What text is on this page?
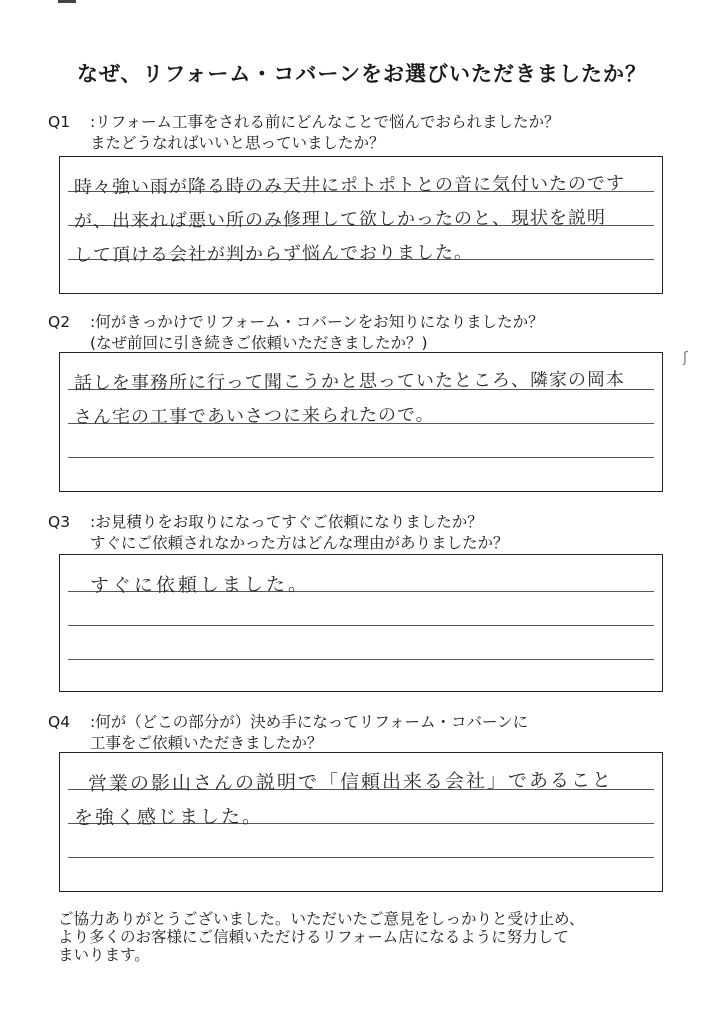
なぜ、リフォーム・コバーンをお選びいただきましたか？
Q1 :リフォーム工事をされる前にどんなことで悩んでおられましたか？
またどうなればいいと思っていましたか？
時々強い雨が降る時のみ天井にポトポトとの音に気付いたのです
が、出来れば悪い所のみ修理して欲しかったのと、現状を説明
して頂ける会社が判からず悩んでおりました。
Q2 :何がきっかけでリフォーム・コバーンをお知りになりましたか？
(なぜ前回に引き続きご依頼いただきましたか？)
話しを事務所に行って聞こうかと思っていたところ、隣家の岡本
さん宅の工事であいさつに来られたので。
ʃ
Q3 :お見積りをお取りになってすぐご依頼になりましたか？
すぐにご依頼されなかった方はどんな理由がありましたか？
すぐに依頼しました。
Q4 :何が（どこの部分が）決め手になってリフォーム・コバーンに
工事をご依頼いただきましたか？
営業の影山さんの説明で「信頼出来る会社」であること
を強く感じました。
ご協力ありがとうございました。いただいたご意見をしっかりと受け止め、
より多くのお客様にご信頼いただけるリフォーム店になるように努力して
まいります。
